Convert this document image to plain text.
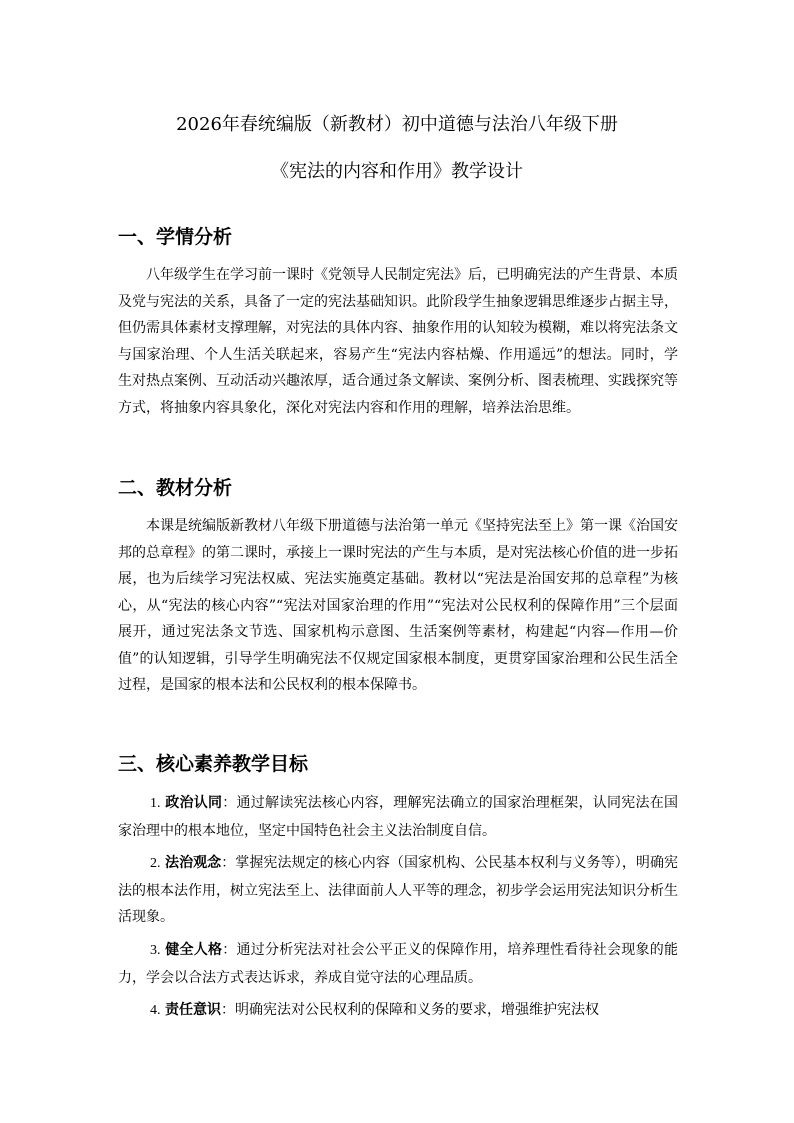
2026年春统编版（新教材）初中道德与法治八年级下册
《宪法的内容和作用》教学设计
一、学情分析

八年级学生在学习前一课时《党领导人民制定宪法》后，已明确宪法的产生背景、本质及党与宪法的关系，具备了一定的宪法基础知识。此阶段学生抽象逻辑思维逐步占据主导，但仍需具体素材支撑理解，对宪法的具体内容、抽象作用的认知较为模糊，难以将宪法条文与国家治理、个人生活关联起来，容易产生“宪法内容枯燥、作用遥远”的想法。同时，学生对热点案例、互动活动兴趣浓厚，适合通过条文解读、案例分析、图表梳理、实践探究等方式，将抽象内容具象化，深化对宪法内容和作用的理解，培养法治思维。

二、教材分析

本课是统编版新教材八年级下册道德与法治第一单元《坚持宪法至上》第一课《治国安邦的总章程》的第二课时，承接上一课时宪法的产生与本质，是对宪法核心价值的进一步拓展，也为后续学习宪法权威、宪法实施奠定基础。教材以“宪法是治国安邦的总章程”为核心，从“宪法的核心内容”“宪法对国家治理的作用”“宪法对公民权利的保障作用”三个层面展开，通过宪法条文节选、国家机构示意图、生活案例等素材，构建起“内容—作用—价值”的认知逻辑，引导学生明确宪法不仅规定国家根本制度，更贯穿国家治理和公民生活全过程，是国家的根本法和公民权利的根本保障书。

三、核心素养教学目标

1. 政治认同：通过解读宪法核心内容，理解宪法确立的国家治理框架，认同宪法在国家治理中的根本地位，坚定中国特色社会主义法治制度自信。

2. 法治观念：掌握宪法规定的核心内容（国家机构、公民基本权利与义务等），明确宪法的根本法作用，树立宪法至上、法律面前人人平等的理念，初步学会运用宪法知识分析生活现象。

3. 健全人格：通过分析宪法对社会公平正义的保障作用，培养理性看待社会现象的能力，学会以合法方式表达诉求，养成自觉守法的心理品质。

4. 责任意识：明确宪法对公民权利的保障和义务的要求，增强维护宪法权
